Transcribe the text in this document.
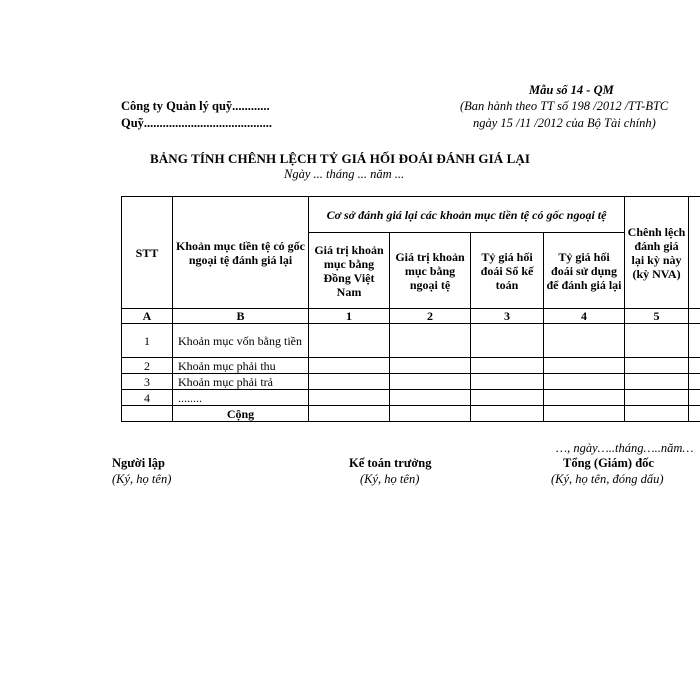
Mẫu số 14 - QM
Công ty Quản lý quỹ............	(Ban hành theo TT số 198 /2012 /TT-BTC
Quỹ.........................................	ngày 15 /11 /2012 của Bộ Tài chính)
BẢNG TÍNH CHÊNH LỆCH TỶ GIÁ HỐI ĐOÁI ĐÁNH GIÁ LẠI
Ngày ... tháng ... năm ...
STT	Khoản mục tiền tệ có gốc ngoại tệ đánh giá lại	Cơ sở đánh giá lại các khoản mục tiền tệ có gốc ngoại tệ				Chênh lệch đánh giá lại kỳ này (kỳ NVA)	
		Giá trị khoản mục bằng Đồng Việt Nam	Giá trị khoản mục bằng ngoại tệ	Tỷ giá hối đoái Sổ kế toán	Tỷ giá hối đoái sử dụng để đánh giá lại		
A	B	1	2	3	4	5	
1	Khoản mục vốn bằng tiền						
2	Khoản mục phải thu						
3	Khoản mục phải trả						
4	........						
	Cộng						
…, ngày…..tháng…..năm…
Người lập
(Ký, họ tên)
Kế toán trưởng
(Ký, họ tên)
Tổng (Giám) đốc
(Ký, họ tên, đóng dấu)
